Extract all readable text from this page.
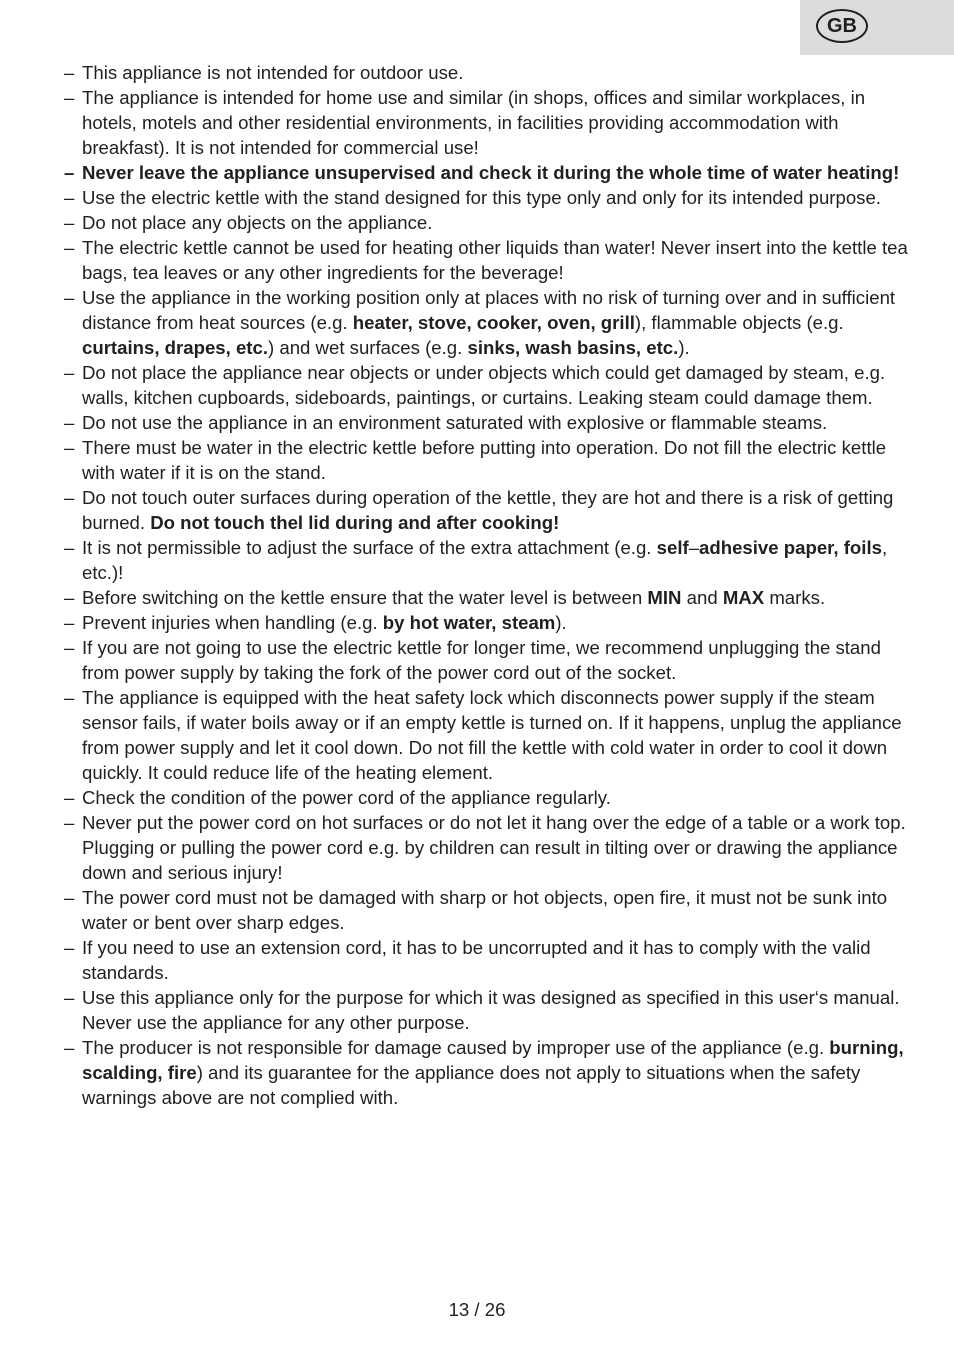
GB

– This appliance is not intended for outdoor use.

– The appliance is intended for home use and similar (in shops, offices and similar workplaces, in hotels, motels and other residential environments, in facilities providing accommodation with breakfast). It is not intended for commercial use!

– Never leave the appliance unsupervised and check it during the whole time of water heating!

– Use the electric kettle with the stand designed for this type only and only for its intended purpose.

– Do not place any objects on the appliance.

– The electric kettle cannot be used for heating other liquids than water! Never insert into the kettle tea bags, tea leaves or any other ingredients for the beverage!

– Use the appliance in the working position only at places with no risk of turning over and in sufficient distance from heat sources (e.g. heater, stove, cooker, oven, grill), flammable objects (e.g. curtains, drapes, etc.) and wet surfaces (e.g. sinks, wash basins, etc.).

– Do not place the appliance near objects or under objects which could get damaged by steam, e.g. walls, kitchen cupboards, sideboards, paintings, or curtains. Leaking steam could damage them.

– Do not use the appliance in an environment saturated with explosive or flammable steams.

– There must be water in the electric kettle before putting into operation. Do not fill the electric kettle with water if it is on the stand.

– Do not touch outer surfaces during operation of the kettle, they are hot and there is a risk of getting burned. Do not touch thel lid during and after cooking!

– It is not permissible to adjust the surface of the extra attachment (e.g. self–adhesive paper, foils, etc.)!

– Before switching on the kettle ensure that the water level is between MIN and MAX marks.

– Prevent injuries when handling (e.g. by hot water, steam).

– If you are not going to use the electric kettle for longer time, we recommend unplugging the stand from power supply by taking the fork of the power cord out of the socket.

– The appliance is equipped with the heat safety lock which disconnects power supply if the steam sensor fails, if water boils away or if an empty kettle is turned on. If it happens, unplug the appliance from power supply and let it cool down. Do not fill the kettle with cold water in order to cool it down quickly. It could reduce life of the heating element.

– Check the condition of the power cord of the appliance regularly.

– Never put the power cord on hot surfaces or do not let it hang over the edge of a table or a work top. Plugging or pulling the power cord e.g. by children can result in tilting over or drawing the appliance down and serious injury!

– The power cord must not be damaged with sharp or hot objects, open fire, it must not be sunk into water or bent over sharp edges.

– If you need to use an extension cord, it has to be uncorrupted and it has to comply with the valid standards.

– Use this appliance only for the purpose for which it was designed as specified in this user‘s manual. Never use the appliance for any other purpose.

– The producer is not responsible for damage caused by improper use of the appliance (e.g. burning, scalding, fire) and its guarantee for the appliance does not apply to situations when the safety warnings above are not complied with.

13 / 26
